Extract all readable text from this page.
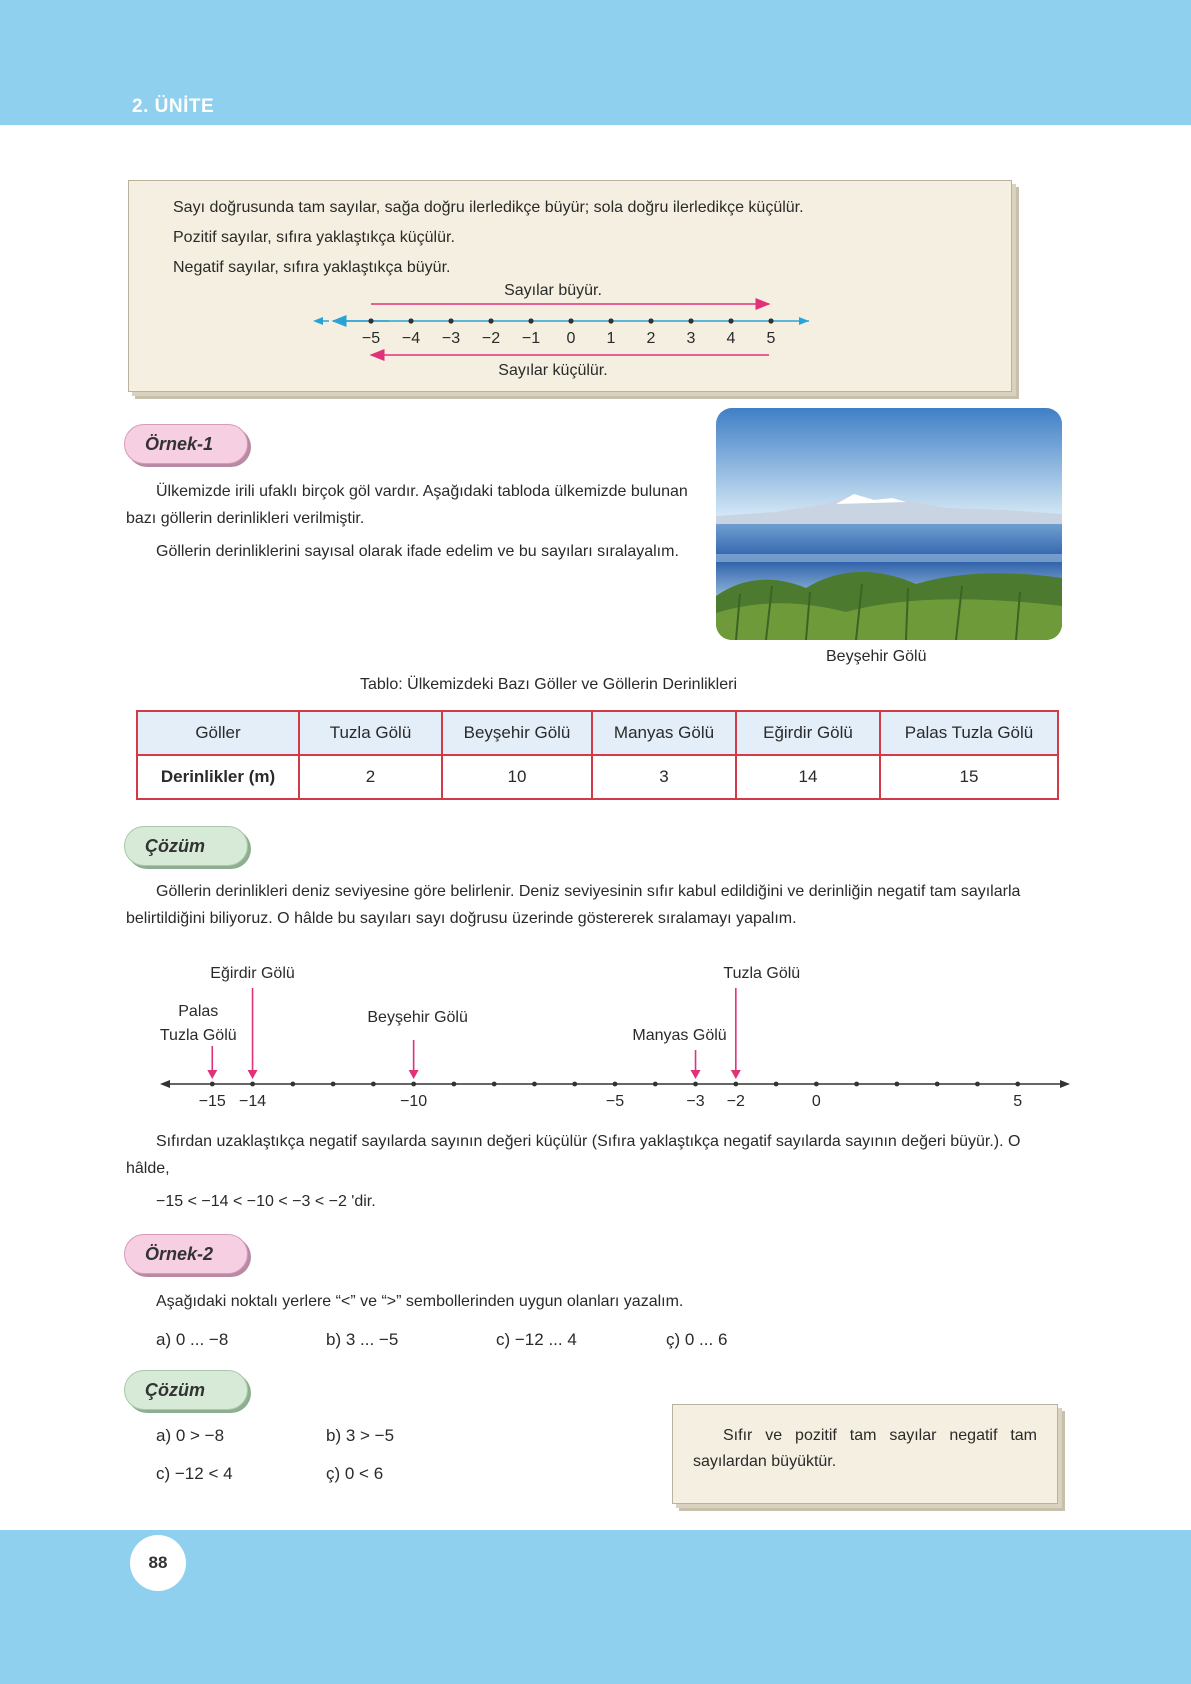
2. ÜNİTE
Sayı doğrusunda tam sayılar, sağa doğru ilerledikçe büyür; sola doğru ilerledikçe küçülür.
Pozitif sayılar, sıfıra yaklaştıkça küçülür.
Negatif sayılar, sıfıra yaklaştıkça büyür.
Sayılar büyür.
−5 −4 −3 −2 −1 0 1 2 3 4 5
Sayılar küçülür.
Örnek-1
Ülkemizde irili ufaklı birçok göl vardır. Aşağıdaki tabloda ülkemizde bulunan bazı göllerin derinlikleri verilmiştir.
Göllerin derinliklerini sayısal olarak ifade edelim ve bu sayıları sıralayalım.
Beyşehir Gölü
Tablo: Ülkemizdeki Bazı Göller ve Göllerin Derinlikleri
Göller	Tuzla Gölü	Beyşehir Gölü	Manyas Gölü	Eğirdir Gölü	Palas Tuzla Gölü
Derinlikler (m)	2	10	3	14	15
Çözüm
Göllerin derinlikleri deniz seviyesine göre belirlenir. Deniz seviyesinin sıfır kabul edildiğini ve derinliğin negatif tam sayılarla belirtildiğini biliyoruz. O hâlde bu sayıları sayı doğrusu üzerinde göstererek sıralamayı yapalım.
−15 −14	−10	−5	−3 −2	0	5
Palas
Tuzla Gölü
Eğirdir Gölü
Beyşehir Gölü
Manyas Gölü
Tuzla Gölü
Sıfırdan uzaklaştıkça negatif sayılarda sayının değeri küçülür (Sıfıra yaklaştıkça negatif sayılarda sayının değeri büyür.). O hâlde,
−15 < −14 < −10 < −3 < −2 'dir.
Örnek-2
Aşağıdaki noktalı yerlere “<” ve “>” sembollerinden uygun olanları yazalım.
a) 0 ... −8	b) 3 ... −5	c) −12 ... 4	ç) 0 ... 6
Çözüm
a) 0 > −8	b) 3 > −5
c) −12 < 4	ç) 0 < 6
Sıfır ve pozitif tam sayılar negatif tam sayılardan büyüktür.
88
